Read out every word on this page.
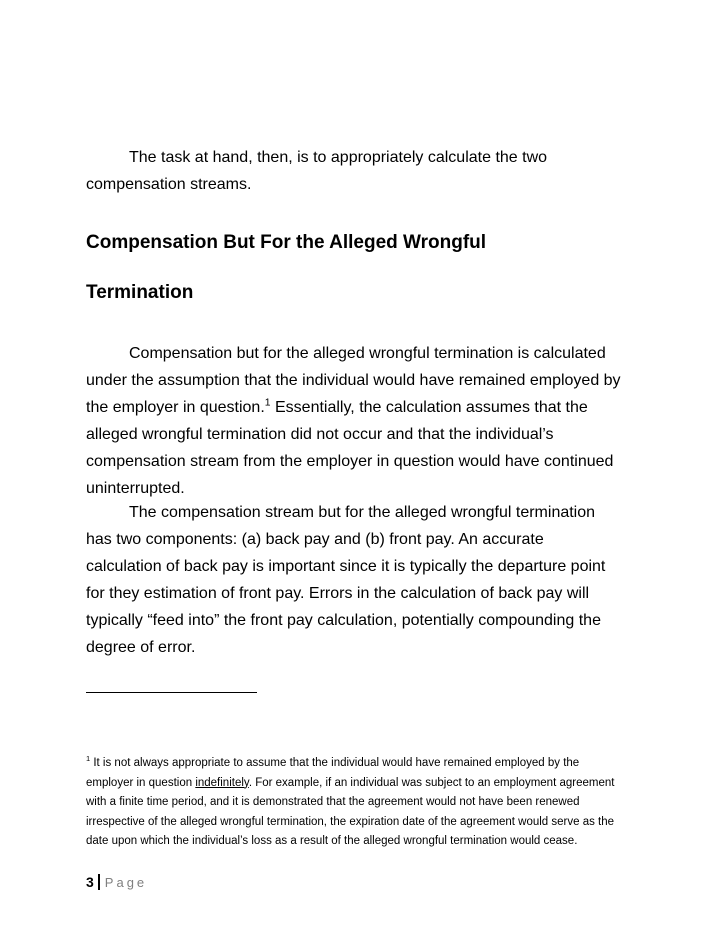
The task at hand, then, is to appropriately calculate the two
compensation streams.
Compensation But For the Alleged Wrongful
Termination
Compensation but for the alleged wrongful termination is calculated
under the assumption that the individual would have remained employed by
the employer in question.$^1$ Essentially, the calculation assumes that the
alleged wrongful termination did not occur and that the individual’s
compensation stream from the employer in question would have continued
uninterrupted.
The compensation stream but for the alleged wrongful termination
has two components: (a) back pay and (b) front pay. An accurate
calculation of back pay is important since it is typically the departure point
for they estimation of front pay. Errors in the calculation of back pay will
typically “feed into” the front pay calculation, potentially compounding the
degree of error.
$^1$ It is not always appropriate to assume that the individual would have remained employed by the
employer in question indefinitely. For example, if an individual was subject to an employment agreement
with a finite time period, and it is demonstrated that the agreement would not have been renewed
irrespective of the alleged wrongful termination, the expiration date of the agreement would serve as the
date upon which the individual’s loss as a result of the alleged wrongful termination would cease.
3 Page
